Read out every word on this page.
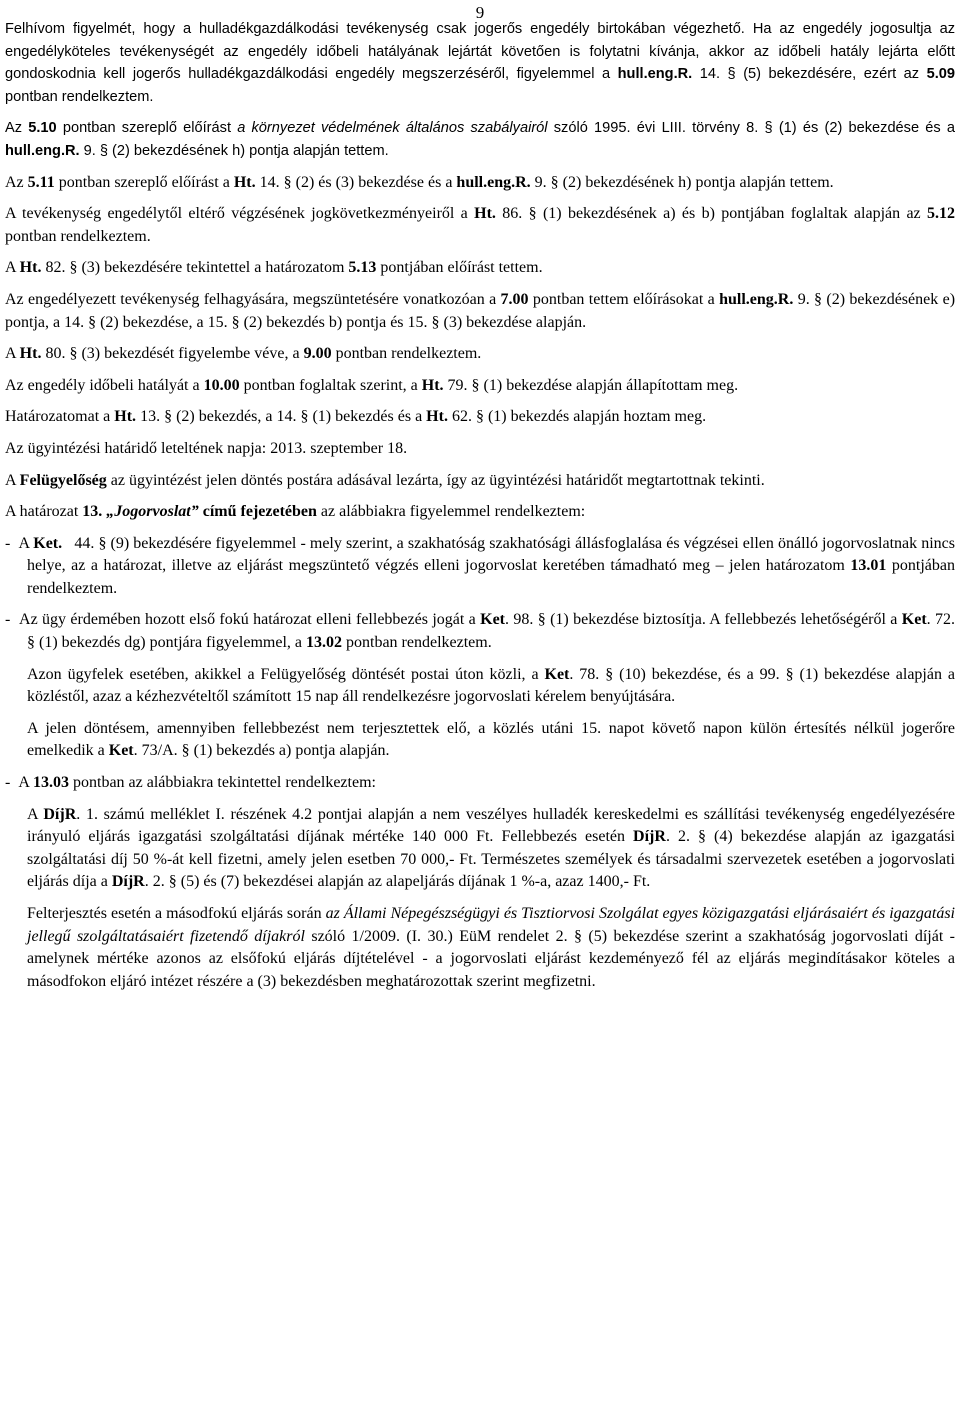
9

Felhívom figyelmét, hogy a hulladékgazdálkodási tevékenység csak jogerős engedély birtokában végezhető. Ha az engedély jogosultja az engedélyköteles tevékenységét az engedély időbeli hatályának lejártát követően is folytatni kívánja, akkor az időbeli hatály lejárta előtt gondoskodnia kell jogerős hulladékgazdálkodási engedély megszerzéséről, figyelemmel a hull.eng.R. 14. § (5) bekezdésére, ezért az 5.09 pontban rendelkeztem.

Az 5.10 pontban szereplő előírást a környezet védelmének általános szabályairól szóló 1995. évi LIII. törvény 8. § (1) és (2) bekezdése és a hull.eng.R. 9. § (2) bekezdésének h) pontja alapján tettem.

Az 5.11 pontban szereplő előírást a Ht. 14. § (2) és (3) bekezdése és a hull.eng.R. 9. § (2) bekezdésének h) pontja alapján tettem.

A tevékenység engedélytől eltérő végzésének jogkövetkezményeiről a Ht. 86. § (1) bekezdésének a) és b) pontjában foglaltak alapján az 5.12 pontban rendelkeztem.

A Ht. 82. § (3) bekezdésére tekintettel a határozatom 5.13 pontjában előírást tettem.

Az engedélyezett tevékenység felhagyására, megszüntetésére vonatkozóan a 7.00 pontban tettem előírásokat a hull.eng.R. 9. § (2) bekezdésének e) pontja, a 14. § (2) bekezdése, a 15. § (2) bekezdés b) pontja és 15. § (3) bekezdése alapján.

A Ht. 80. § (3) bekezdését figyelembe véve, a 9.00 pontban rendelkeztem.

Az engedély időbeli hatályát a 10.00 pontban foglaltak szerint, a Ht. 79. § (1) bekezdése alapján állapítottam meg.

Határozatomat a Ht. 13. § (2) bekezdés, a 14. § (1) bekezdés és a Ht. 62. § (1) bekezdés alapján hoztam meg.

Az ügyintézési határidő leteltének napja: 2013. szeptember 18.

A Felügyelőség az ügyintézést jelen döntés postára adásával lezárta, így az ügyintézési határidőt megtartottnak tekinti.

A határozat 13. „Jogorvoslat” című fejezetében az alábbiakra figyelemmel rendelkeztem:

-  A Ket.   44. § (9) bekezdésére figyelemmel - mely szerint, a szakhatóság szakhatósági állásfoglalása és végzései ellen önálló jogorvoslatnak nincs helye, az a határozat, illetve az eljárást megszüntető végzés elleni jogorvoslat keretében támadható meg – jelen határozatom 13.01 pontjában rendelkeztem.

-  Az ügy érdemében hozott első fokú határozat elleni fellebbezés jogát a Ket. 98. § (1) bekezdése biztosítja. A fellebbezés lehetőségéről a Ket. 72. § (1) bekezdés dg) pontjára figyelemmel, a 13.02 pontban rendelkeztem.

Azon ügyfelek esetében, akikkel a Felügyelőség döntését postai úton közli, a Ket. 78. § (10) bekezdése, és a 99. § (1) bekezdése alapján a közléstől, azaz a kézhezvételtől számított 15 nap áll rendelkezésre jogorvoslati kérelem benyújtására.

A jelen döntésem, amennyiben fellebbezést nem terjesztettek elő, a közlés utáni 15. napot követő napon külön értesítés nélkül jogerőre emelkedik a Ket. 73/A. § (1) bekezdés a) pontja alapján.

-  A 13.03 pontban az alábbiakra tekintettel rendelkeztem:

A DíjR. 1. számú melléklet I. részének 4.2 pontjai alapján a nem veszélyes hulladék kereskedelmi es szállítási tevékenység engedélyezésére irányuló eljárás igazgatási szolgáltatási díjának mértéke 140 000 Ft. Fellebbezés esetén DíjR. 2. § (4) bekezdése alapján az igazgatási szolgáltatási díj 50 %-át kell fizetni, amely jelen esetben 70 000,- Ft. Természetes személyek és társadalmi szervezetek esetében a jogorvoslati eljárás díja a DíjR. 2. § (5) és (7) bekezdései alapján az alapeljárás díjának 1 %-a, azaz 1400,- Ft.

Felterjesztés esetén a másodfokú eljárás során az Állami Népegészségügyi és Tisztiorvosi Szolgálat egyes közigazgatási eljárásaiért és igazgatási jellegű szolgáltatásaiért fizetendő díjakról szóló 1/2009. (I. 30.) EüM rendelet 2. § (5) bekezdése szerint a szakhatóság jogorvoslati díját - amelynek mértéke azonos az elsőfokú eljárás díjtételével - a jogorvoslati eljárást kezdeményező fél az eljárás megindításakor köteles a másodfokon eljáró intézet részére a (3) bekezdésben meghatározottak szerint megfizetni.
